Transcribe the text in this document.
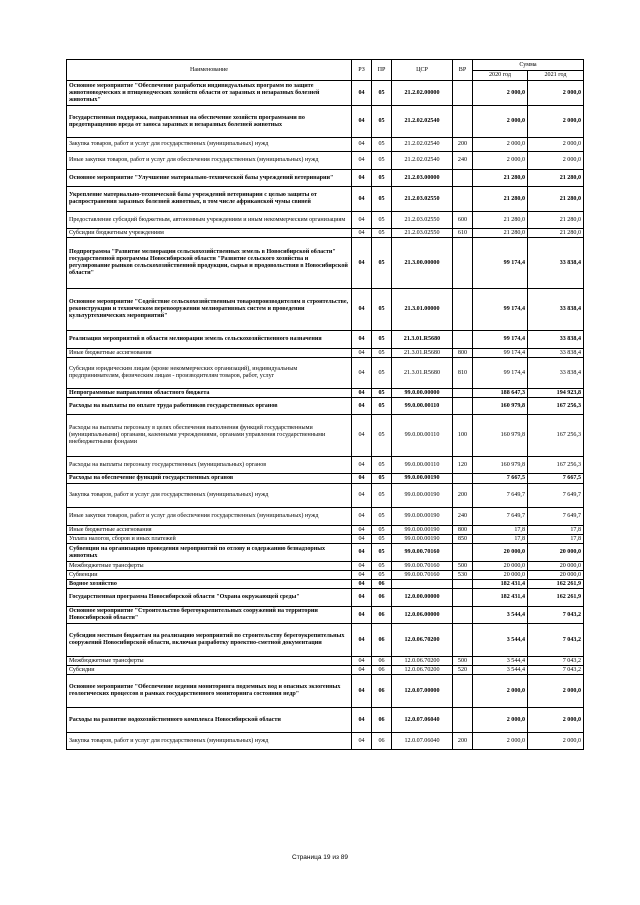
Наименование	РЗ	ПР	ЦСР	ВР	Сумма	
					2020 год	2021 год
Основное мероприятие "Обеспечение разработки индивидуальных программ по защите животноводческих и птицеводческих хозяйств области от заразных и незаразных болезней животных"	04	05	21.2.02.00000		2 000,0	2 000,0
Государственная поддержка, направленная на обеспечение хозяйств программами по предотвращению вреда от заноса заразных и незаразных болезней животных	04	05	21.2.02.02540		2 000,0	2 000,0
Закупка товаров, работ и услуг для государственных (муниципальных) нужд	04	05	21.2.02.02540	200	2 000,0	2 000,0
Иные закупки товаров, работ и услуг для обеспечения государственных (муниципальных) нужд	04	05	21.2.02.02540	240	2 000,0	2 000,0
Основное мероприятие "Улучшение материально-технической базы учреждений ветеринарии"	04	05	21.2.03.00000		21 280,0	21 280,0
Укрепление материально-технической базы учреждений ветеринарии с целью защиты от распространения заразных болезней животных, в том числе африканской чумы свиней	04	05	21.2.03.02550		21 280,0	21 280,0
Предоставление субсидий бюджетным, автономным учреждениям и иным некоммерческим организациям	04	05	21.2.03.02550	600	21 280,0	21 280,0
Субсидии бюджетным учреждениям	04	05	21.2.03.02550	610	21 280,0	21 280,0
Подпрограмма "Развитие мелиорации сельскохозяйственных земель в Новосибирской области" государственной программы Новосибирской области "Развитие сельского хозяйства и регулирование рынков сельскохозяйственной продукции, сырья и продовольствия в Новосибирской области"	04	05	21.3.00.00000		99 174,4	33 838,4
Основное мероприятие "Содействие сельскохозяйственным товаропроизводителям в строительстве, реконструкции и техническом перевооружении мелиоративных систем и проведении культуртехнических мероприятий"	04	05	21.3.01.00000		99 174,4	33 838,4
Реализация мероприятий в области мелиорации земель сельскохозяйственного назначения	04	05	21.3.01.R5680		99 174,4	33 838,4
Иные бюджетные ассигнования	04	05	21.3.01.R5680	800	99 174,4	33 838,4
Субсидии юридическим лицам (кроме некоммерческих организаций), индивидуальным предпринимателям, физическим лицам - производителям товаров, работ, услуг	04	05	21.3.01.R5680	810	99 174,4	33 838,4
Непрограммные направления областного бюджета	04	05	99.0.00.00000		188 647,3	194 923,8
Расходы на выплаты по оплате труда работников государственных органов	04	05	99.0.00.00110		160 979,8	167 256,3
Расходы на выплаты персоналу в целях обеспечения выполнения функций государственными (муниципальными) органами, казенными учреждениями, органами управления государственными внебюджетными фондами	04	05	99.0.00.00110	100	160 979,8	167 256,3
Расходы на выплаты персоналу государственных (муниципальных) органов	04	05	99.0.00.00110	120	160 979,8	167 256,3
Расходы на обеспечение функций государственных органов	04	05	99.0.00.00190		7 667,5	7 667,5
Закупка товаров, работ и услуг для государственных (муниципальных) нужд	04	05	99.0.00.00190	200	7 649,7	7 649,7
Иные закупки товаров, работ и услуг для обеспечения государственных (муниципальных) нужд	04	05	99.0.00.00190	240	7 649,7	7 649,7
Иные бюджетные ассигнования	04	05	99.0.00.00190	800	17,8	17,8
Уплата налогов, сборов и иных платежей	04	05	99.0.00.00190	850	17,8	17,8
Субвенции на организацию проведения мероприятий по отлову и содержанию безнадзорных животных	04	05	99.0.00.70160		20 000,0	20 000,0
Межбюджетные трансферты	04	05	99.0.00.70160	500	20 000,0	20 000,0
Субвенции	04	05	99.0.00.70160	530	20 000,0	20 000,0
Водное хозяйство	04	06			182 431,4	162 261,9
Государственная программа Новосибирской области "Охрана окружающей среды"	04	06	12.0.00.00000		182 431,4	162 261,9
Основное мероприятие "Строительство берегоукрепительных сооружений на территории Новосибирской области"	04	06	12.0.06.00000		3 544,4	7 043,2
Субсидии местным бюджетам на реализацию мероприятий по строительству берегоукрепительных сооружений Новосибирской области, включая разработку проектно-сметной документации	04	06	12.0.06.70200		3 544,4	7 043,2
Межбюджетные трансферты	04	06	12.0.06.70200	500	3 544,4	7 043,2
Субсидии	04	06	12.0.06.70200	520	3 544,4	7 043,2
Основное мероприятие "Обеспечение ведения мониторинга подземных вод и опасных экзогенных геологических процессов в рамках государственного мониторинга состояния недр"	04	06	12.0.07.00000		2 000,0	2 000,0
Расходы на развитие водохозяйственного комплекса Новосибирской области	04	06	12.0.07.06040		2 000,0	2 000,0
Закупка товаров, работ и услуг для государственных (муниципальных) нужд	04	06	12.0.07.06040	200	2 000,0	2 000,0
Страница 19 из 89
